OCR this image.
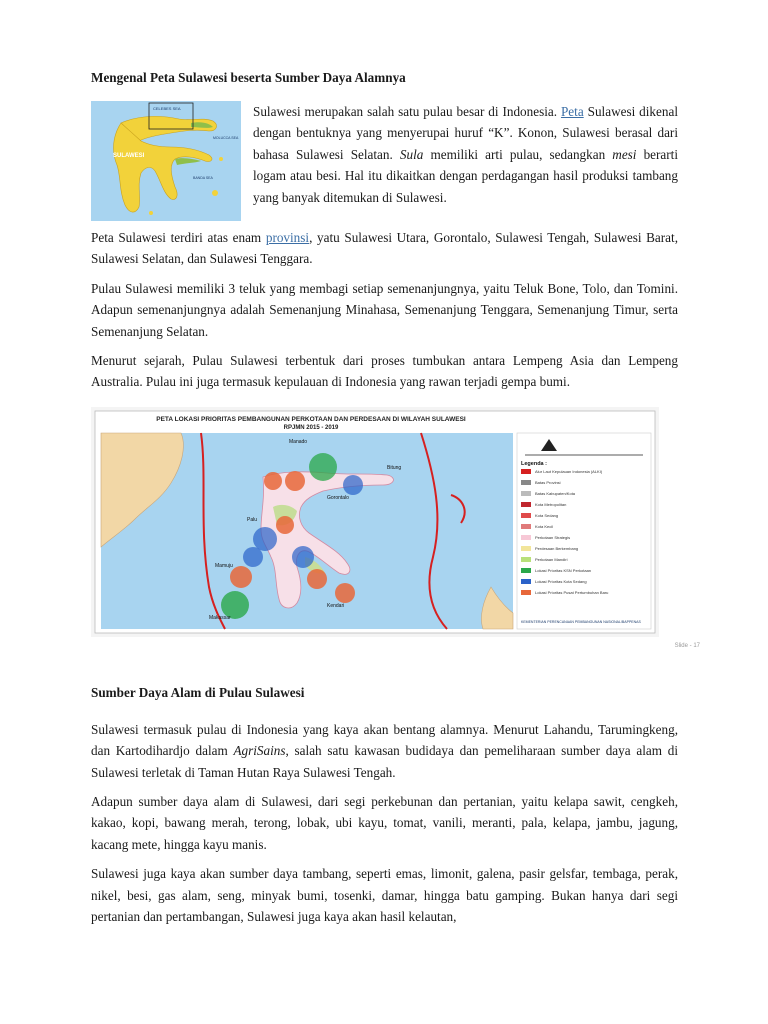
Mengenal Peta Sulawesi beserta Sumber Daya Alamnya
CELEBES SEA
SULAWESI
MOLUCCA SEA
BANDA SEA

Sulawesi merupakan salah satu pulau besar di Indonesia. Peta Sulawesi dikenal dengan bentuknya yang menyerupai huruf “K”. Konon, Sulawesi berasal dari bahasa Sulawesi Selatan. Sula memiliki arti pulau, sedangkan mesi berarti logam atau besi. Hal itu dikaitkan dengan perdagangan hasil produksi tambang yang banyak ditemukan di Sulawesi.

Peta Sulawesi terdiri atas enam provinsi, yatu Sulawesi Utara, Gorontalo, Sulawesi Tengah, Sulawesi Barat, Sulawesi Selatan, dan Sulawesi Tenggara.

Pulau Sulawesi memiliki 3 teluk yang membagi setiap semenanjungnya, yaitu Teluk Bone, Tolo, dan Tomini. Adapun semenanjungnya adalah Semenanjung Minahasa, Semenanjung Tenggara, Semenanjung Timur, serta Semenanjung Selatan.

Menurut sejarah, Pulau Sulawesi terbentuk dari proses tumbukan antara Lempeng Asia dan Lempeng Australia. Pulau ini juga termasuk kepulauan di Indonesia yang rawan terjadi gempa bumi.

PETA LOKASI PRIORITAS PEMBANGUNAN PERKOTAAN DAN PERDESAAN DI WILAYAH SULAWESI
RPJMN 2015 - 2019
Manado
Gorontalo
Palu
Kendari
Makassar
Mamuju
Bitung
Legenda :
Alur Laut Kepulauan Indonesia (ALKI)
Batas Provinsi
Batas Kabupaten/Kota
Kota Metropolitan
Kota Sedang
Kota Kecil
Perkotaan Strategis
Perdesaan Berkembang
Perkotaan Mandiri
Lokasi Prioritas KSN Perkotaan
Lokasi Prioritas Kota Sedang
Lokasi Prioritas Pusat Pertumbuhan Baru
KEMENTERIAN PERENCANAAN PEMBANGUNAN NASIONAL/BAPPENAS
Slide - 17
Sumber Daya Alam di Pulau Sulawesi

Sulawesi termasuk pulau di Indonesia yang kaya akan bentang alamnya. Menurut Lahandu, Tarumingkeng, dan Kartodihardjo dalam AgriSains, salah satu kawasan budidaya dan pemeliharaan sumber daya alam di Sulawesi terletak di Taman Hutan Raya Sulawesi Tengah.

Adapun sumber daya alam di Sulawesi, dari segi perkebunan dan pertanian, yaitu kelapa sawit, cengkeh, kakao, kopi, bawang merah, terong, lobak, ubi kayu, tomat, vanili, meranti, pala, kelapa, jambu, jagung, kacang mete, hingga kayu manis.

Sulawesi juga kaya akan sumber daya tambang, seperti emas, limonit, galena, pasir gelsfar, tembaga, perak, nikel, besi, gas alam, seng, minyak bumi, tosenki, damar, hingga batu gamping. Bukan hanya dari segi pertanian dan pertambangan, Sulawesi juga kaya akan hasil kelautan,
